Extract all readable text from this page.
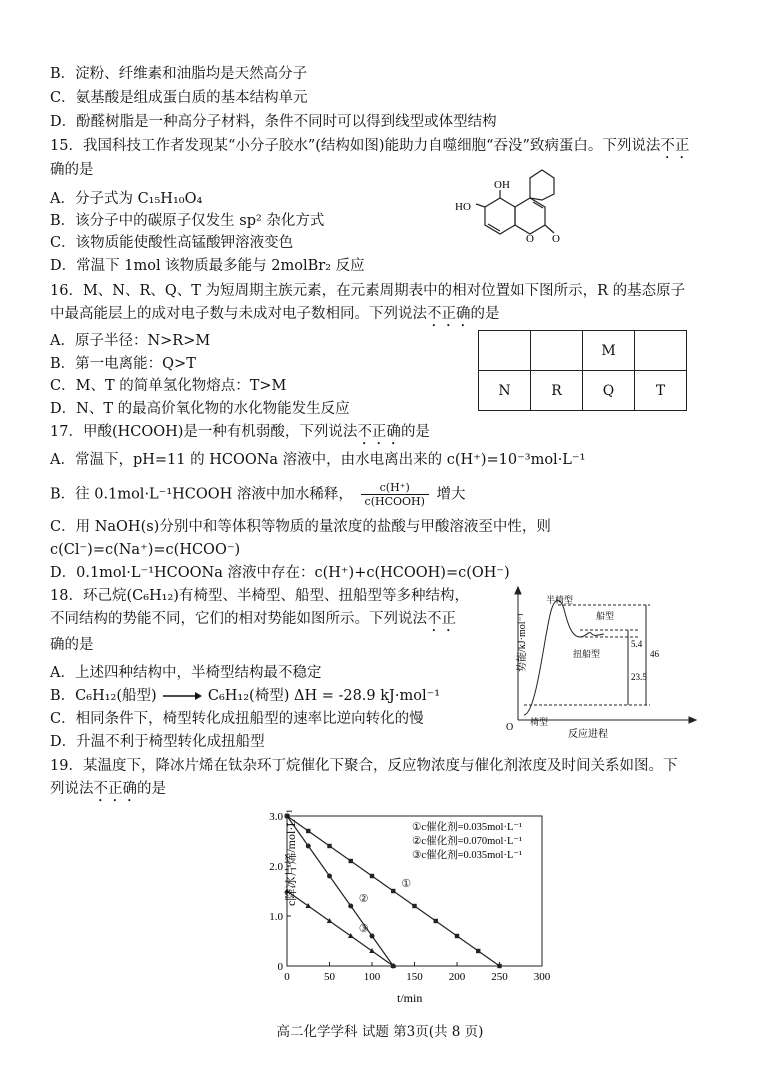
B．淀粉、纤维素和油脂均是天然高分子
C．氨基酸是组成蛋白质的基本结构单元
D．酚醛树脂是一种高分子材料，条件不同时可以得到线型或体型结构
15．我国科技工作者发现某“小分子胶水”(结构如图)能助力自噬细胞“吞没”致病蛋白。下列说法不正
确的是
A．分子式为 C₁₅H₁₀O₄
B．该分子中的碳原子仅发生 sp² 杂化方式
C．该物质能使酸性高锰酸钾溶液变色
D．常温下 1mol 该物质最多能与 2molBr₂ 反应
OH
HO
O O
16．M、N、R、Q、T 为短周期主族元素，在元素周期表中的相对位置如下图所示，R 的基态原子
中最高能层上的成对电子数与未成对电子数相同。下列说法不正确的是
A．原子半径：N>R>M
B．第一电离能：Q>T
C．M、T 的简单氢化物熔点：T>M
D．N、T 的最高价氧化物的水化物能发生反应
		M	
N	R	Q	T
17．甲酸(HCOOH)是一种有机弱酸，下列说法不正确的是
A．常温下，pH=11 的 HCOONa 溶液中，由水电离出来的 c(H⁺)=10⁻³mol·L⁻¹
B．往 0.1mol·L⁻¹HCOOH 溶液中加水稀释，	c(H⁺)
c(HCOOH) 增大
C．用 NaOH(s)分别中和等体积等物质的量浓度的盐酸与甲酸溶液至中性，则
c(Cl⁻)=c(Na⁺)=c(HCOO⁻)
D．0.1mol·L⁻¹HCOONa 溶液中存在：c(H⁺)+c(HCOOH)=c(OH⁻)
18．环己烷(C₆H₁₂)有椅型、半椅型、船型、扭船型等多种结构，
不同结构的势能不同，它们的相对势能如图所示。下列说法不正
确的是
A．上述四种结构中，半椅型结构最不稳定
B．C₆H₁₂(船型) → C₆H₁₂(椅型) ΔH = -28.9 kJ·mol⁻¹
C．相同条件下，椅型转化成扭船型的速率比逆向转化的慢
D．升温不利于椅型转化成扭船型
势能/kJ·mol⁻¹
反应进程
O
半椅型
船型
扭船型
椅型
5.4
23.5
46
19．某温度下，降冰片烯在钛杂环丁烷催化下聚合，反应物浓度与催化剂浓度及时间关系如图。下
列说法不正确的是
0	50	100 150 200 250 300
0
1.0
2.0
3.0
①
②
③
①c催化剂=0.035mol·L⁻¹
②c催化剂=0.070mol·L⁻¹
③c催化剂=0.035mol·L⁻¹
c降冰片烯/mol·L⁻¹
t/min
高二化学学科 试题 第3页(共 8 页)
